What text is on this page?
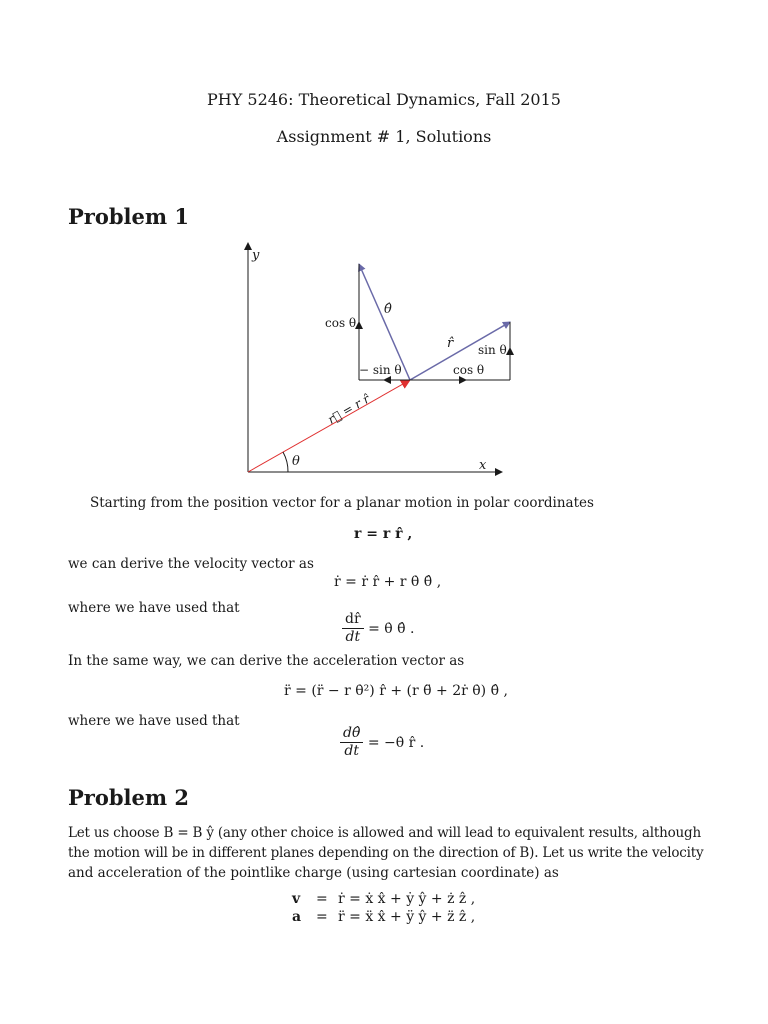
PHY 5246: Theoretical Dynamics, Fall 2015
Assignment # 1, Solutions
Problem 1
y
x
θ̂
r̂
cos θ
− sin θ
sin θ
cos θ
r⃗ = r r̂
θ
Starting from the position vector for a planar motion in polar coordinates
r = r r̂ ,
we can derive the velocity vector as
ṙ = ṙ r̂ + r θ̇ θ̂ ,
where we have used that
$\frac{dr̂}{dt}$ = θ̇ θ̂ .
In the same way, we can derive the acceleration vector as
r̈ = (r̈ − r θ̇²) r̂ + (r θ̈ + 2ṙ θ̇) θ̂ ,
where we have used that
$\frac{d\thetâ}{dt}$ = −θ̇ r̂ .
Problem 2
Let us choose B = B ŷ (any other choice is allowed and will lead to equivalent results, although
the motion will be in different planes depending on the direction of B). Let us write the velocity
and acceleration of the pointlike charge (using cartesian coordinate) as
v	= ṙ = ẋ x̂ + ẏ ŷ + ż ẑ ,
a	= r̈ = ẍ x̂ + ÿ ŷ + z̈ ẑ ,
